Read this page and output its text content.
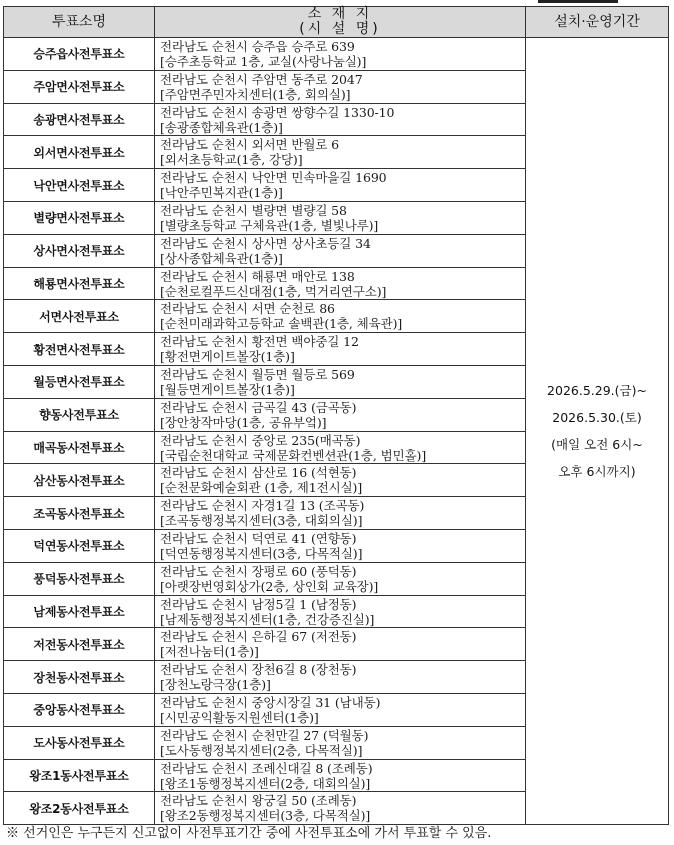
투표소명	소 재 지
(시 설 명)	설치·운영기간
승주읍사전투표소	전라남도 순천시 승주읍 승주로 639
[승주초등학교 1층, 교실(사랑나눔실)]	2026.5.29.(금)~
2026.5.30.(토)
(매일 오전 6시~
오후 6시까지)

주암면사전투표소	전라남도 순천시 주암면 동주로 2047
[주암면주민자치센터(1층, 회의실)]	

송광면사전투표소	전라남도 순천시 송광면 쌍향수길 1330-10
[송광종합체육관(1층)]	

외서면사전투표소	전라남도 순천시 외서면 반월로 6
[외서초등학교(1층, 강당)]	

낙안면사전투표소	전라남도 순천시 낙안면 민속마을길 1690
[낙안주민복지관(1층)]	

별량면사전투표소	전라남도 순천시 별량면 별량길 58
[별량초등학교 구체육관(1층, 별빛나루)]	

상사면사전투표소	전라남도 순천시 상사면 상사초등길 34
[상사종합체육관(1층)]	

해룡면사전투표소	전라남도 순천시 해룡면 매안로 138
[순천로컬푸드신대점(1층, 먹거리연구소)]	

서면사전투표소	전라남도 순천시 서면 순천로 86
[순천미래과학고등학교 솔백관(1층, 체육관)]	

황전면사전투표소	전라남도 순천시 황전면 백야중길 12
[황전면게이트볼장(1층)]	

월등면사전투표소	전라남도 순천시 월등면 월등로 569
[월등면게이트볼장(1층)]	

향동사전투표소	전라남도 순천시 금곡길 43 (금곡동)
[장안창작마당(1층, 공유부엌)]	

매곡동사전투표소	전라남도 순천시 중앙로 235(매곡동)
[국립순천대학교 국제문화컨벤션관(1층, 범민홀)]	

삼산동사전투표소	전라남도 순천시 삼산로 16 (석현동)
[순천문화예술회관 (1층, 제1전시실)]	

조곡동사전투표소	전라남도 순천시 자경1길 13 (조곡동)
[조곡동행정복지센터(3층, 대회의실)]	

덕연동사전투표소	전라남도 순천시 덕연로 41 (연향동)
[덕연동행정복지센터(3층, 다목적실)]	

풍덕동사전투표소	전라남도 순천시 장평로 60 (풍덕동)
[아랫장번영회상가(2층, 상인회 교육장)]	

남제동사전투표소	전라남도 순천시 남정5길 1 (남정동)
[남제동행정복지센터(1층, 건강증진실)]	

저전동사전투표소	전라남도 순천시 은하길 67 (저전동)
[저전나눔터(1층)]	

장천동사전투표소	전라남도 순천시 장천6길 8 (장천동)
[장천노랑극장(1층)]	

중앙동사전투표소	전라남도 순천시 중앙시장길 31 (남내동)
[시민공익활동지원센터(1층)]	

도사동사전투표소	전라남도 순천시 순천만길 27 (덕월동)
[도사동행정복지센터(2층, 다목적실)]	

왕조1동사전투표소	전라남도 순천시 조례신대길 8 (조례동)
[왕조1동행정복지센터(2층, 대회의실)]	

왕조2동사전투표소	전라남도 순천시 왕궁길 50 (조례동)
[왕조2동행정복지센터(3층, 다목적실)]	
※ 선거인은 누구든지 신고없이 사전투표기간 중에 사전투표소에 가서 투표할 수 있음.
